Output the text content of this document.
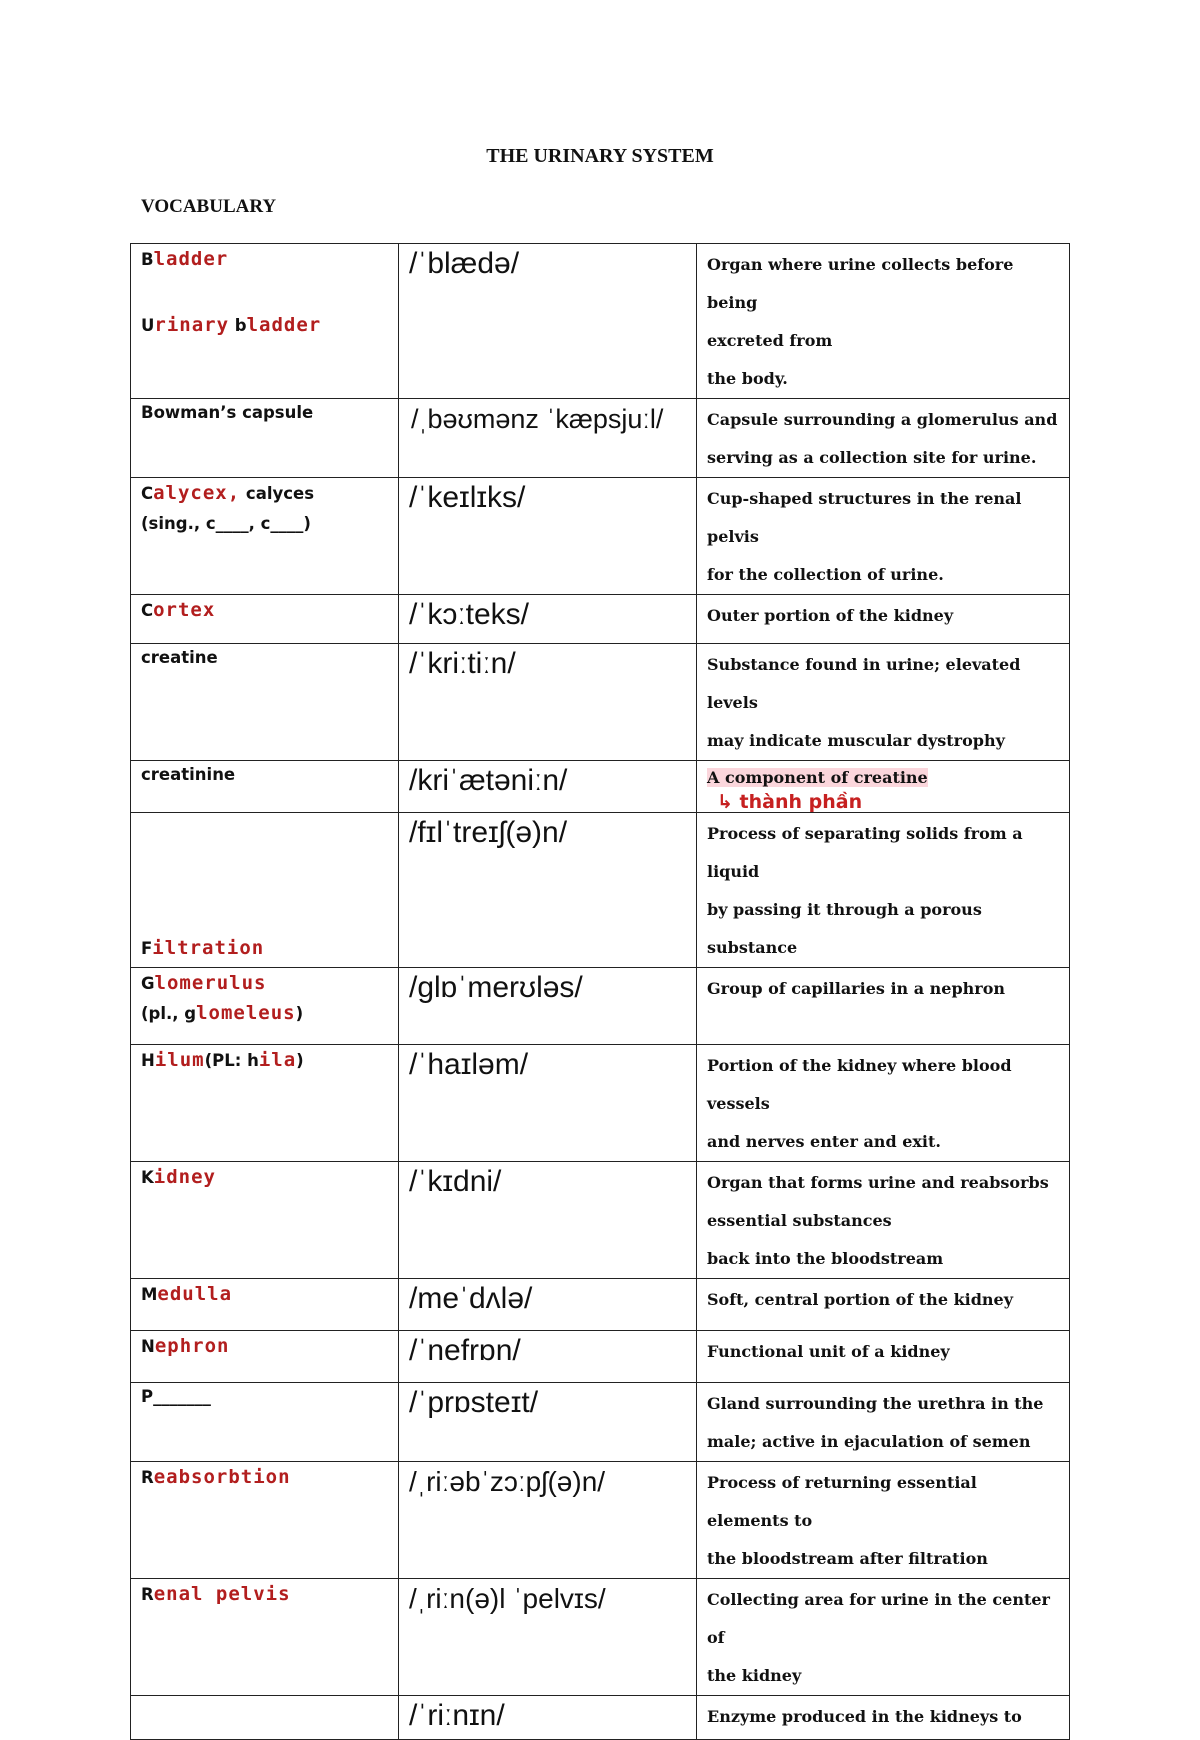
THE URINARY SYSTEM
VOCABULARY
Bladder
Urinary bladder	/ˈblædə/	Organ where urine collects before being
excreted from
the body.

Bowman’s capsule	/ˌbəʊmənz ˈkæpsjuːl/	Capsule surrounding a glomerulus and
serving as a collection site for urine.

Calycex, calyces
(sing., c____, c____)	/ˈkeɪlɪks/	Cup-shaped structures in the renal pelvis
for the collection of urine.

Cortex	/ˈkɔːteks/	Outer portion of the kidney

creatine	/ˈkriːtiːn/	Substance found in urine; elevated levels
may indicate muscular dystrophy

creatinine	/kriˈætəniːn/	A component of creatine
↳ thành phần

Filtration	/fɪlˈtreɪʃ(ə)n/	Process of separating solids from a liquid
by passing it through a porous substance

Glomerulus
(pl., glomeleus)	/glɒˈmerʊləs/	Group of capillaries in a nephron

Hilum(PL: hila)	/ˈhaɪləm/	Portion of the kidney where blood vessels
and nerves enter and exit.

Kidney	/ˈkɪdni/	Organ that forms urine and reabsorbs
essential substances
back into the bloodstream

Medulla	/meˈdʌlə/	Soft, central portion of the kidney

Nephron	/ˈnefrɒn/	Functional unit of a kidney

P_______	/ˈprɒsteɪt/	Gland surrounding the urethra in the
male; active in ejaculation of semen

Reabsorbtion	/ˌriːəbˈzɔːpʃ(ə)n/	Process of returning essential elements to
the bloodstream after filtration

Renal pelvis	/ˌriːn(ə)l ˈpelvɪs/	Collecting area for urine in the center of
the kidney

	/ˈriːnɪn/	Enzyme produced in the kidneys to
